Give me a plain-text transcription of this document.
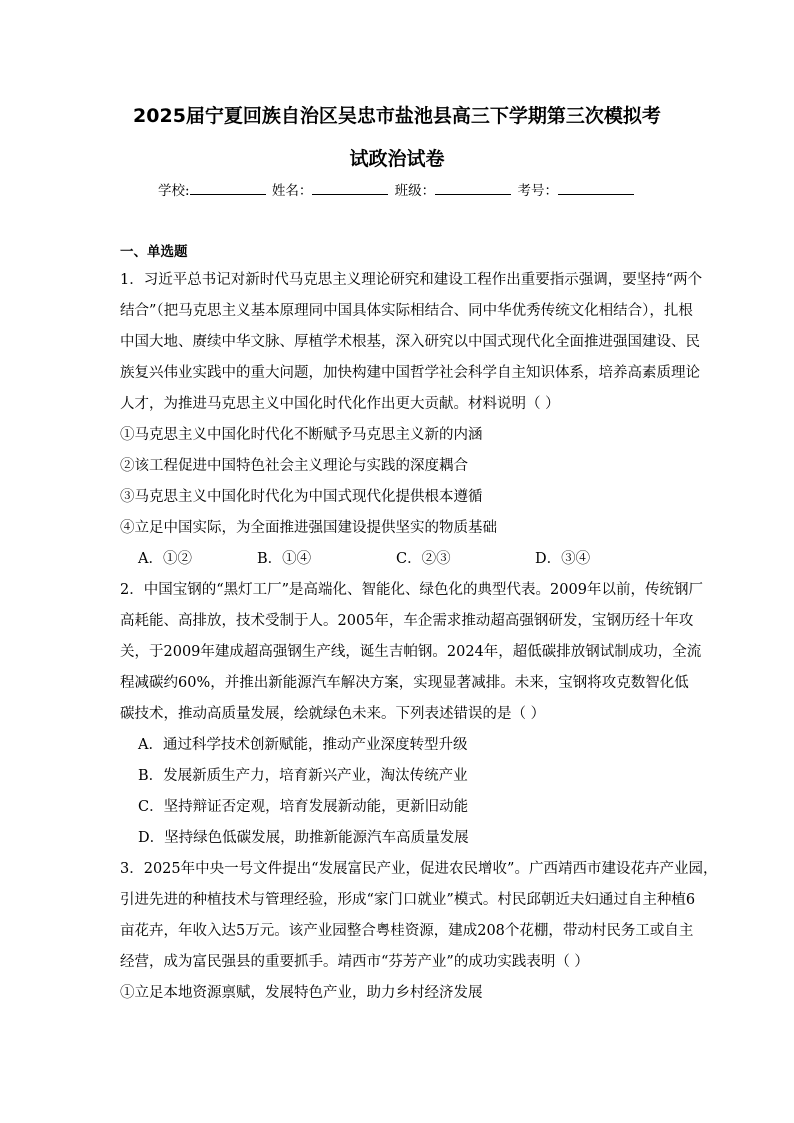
2025届宁夏回族自治区吴忠市盐池县高三下学期第三次模拟考
试政治试卷
学校:	姓名：	班级：	考号：
一、单选题
1．习近平总书记对新时代马克思主义理论研究和建设工程作出重要指示强调，要坚持“两个
结合”（把马克思主义基本原理同中国具体实际相结合、同中华优秀传统文化相结合），扎根
中国大地、赓续中华文脉、厚植学术根基，深入研究以中国式现代化全面推进强国建设、民
族复兴伟业实践中的重大问题，加快构建中国哲学社会科学自主知识体系，培养高素质理论
人才，为推进马克思主义中国化时代化作出更大贡献。材料说明（ ）
①马克思主义中国化时代化不断赋予马克思主义新的内涵
②该工程促进中国特色社会主义理论与实践的深度耦合
③马克思主义中国化时代化为中国式现代化提供根本遵循
④立足中国实际，为全面推进强国建设提供坚实的物质基础
A．①②	B．①④	C．②③	D．③④
2．中国宝钢的“黑灯工厂”是高端化、智能化、绿色化的典型代表。2009年以前，传统钢厂
高耗能、高排放，技术受制于人。2005年，车企需求推动超高强钢研发，宝钢历经十年攻
关，于2009年建成超高强钢生产线，诞生吉帕钢。2024年，超低碳排放钢试制成功，全流
程减碳约60%，并推出新能源汽车解决方案，实现显著减排。未来，宝钢将攻克数智化低
碳技术，推动高质量发展，绘就绿色未来。下列表述错误的是（ ）
A．通过科学技术创新赋能，推动产业深度转型升级
B．发展新质生产力，培育新兴产业，淘汰传统产业
C．坚持辩证否定观，培育发展新动能，更新旧动能
D．坚持绿色低碳发展，助推新能源汽车高质量发展
3．2025年中央一号文件提出“发展富民产业，促进农民增收”。广西靖西市建设花卉产业园，
引进先进的种植技术与管理经验，形成“家门口就业”模式。村民邱朝近夫妇通过自主种植6
亩花卉，年收入达5万元。该产业园整合粤桂资源，建成208个花棚，带动村民务工或自主
经营，成为富民强县的重要抓手。靖西市“芬芳产业”的成功实践表明（ ）
①立足本地资源禀赋，发展特色产业，助力乡村经济发展
